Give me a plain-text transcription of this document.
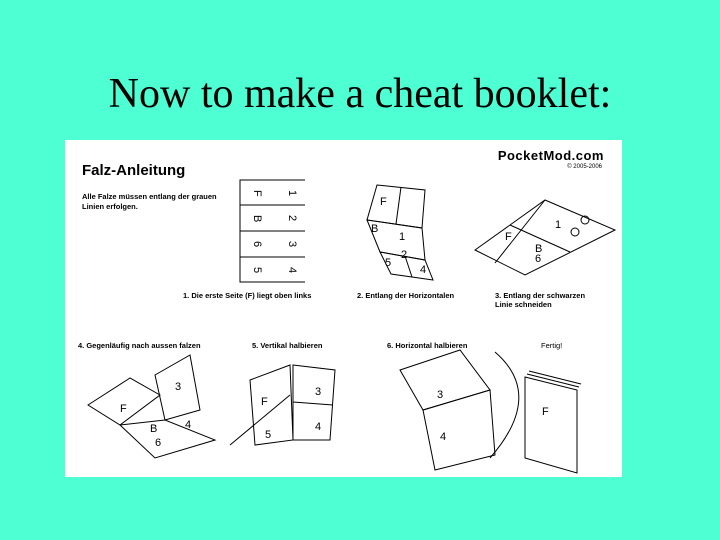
Now to make a cheat booklet:
Falz-Anleitung
Alle Falze müssen entlang der grauen Linien erfolgen.
PocketMod.com
© 2005-2006
F 1
B 2
6 3
5 4
1
2
5
4
F
B
F
B
1
6
F
3
B	4
6
F
3
4
5
3
4
F
1. Die erste Seite (F) liegt oben links	2. Entlang der Horizontalen	3. Entlang der schwarzen Linie schneiden
4. Gegenläufig nach aussen falzen	5. Vertikal halbieren	6. Horizontal halbieren	Fertig!
